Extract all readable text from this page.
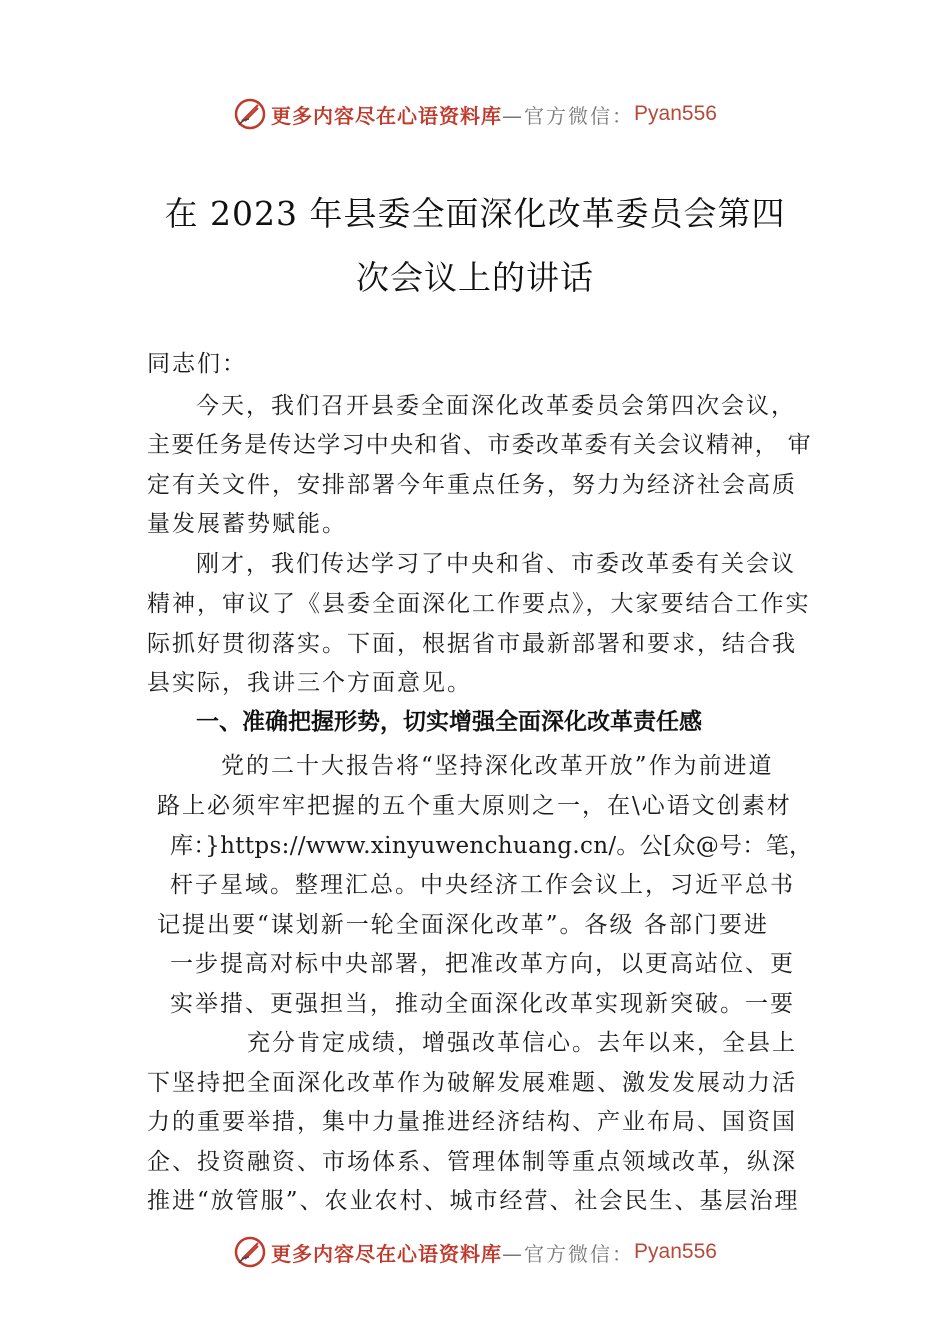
更多内容尽在心语资料库 —官方微信： Pyan556
在 2023 年县委全面深化改革委员会第四
次会议上的讲话
同志们：
今天，我们召开县委全面深化改革委员会第四次会议，
主要任务是传达学习中央和省、市委改革委有关会议精神， 审
定有关文件，安排部署今年重点任务，努力为经济社会高质
量发展蓄势赋能。
刚才，我们传达学习了中央和省、市委改革委有关会议
精神，审议了《县委全面深化工作要点》，大家要结合工作实
际抓好贯彻落实。下面，根据省市最新部署和要求，结合我
县实际，我讲三个方面意见。
一、准确把握形势，切实增强全面深化改革责任感
党的二十大报告将“坚持深化改革开放”作为前进道
路上必须牢牢把握的五个重大原则之一，在\心语文创素材
库：}https://www.xinyuwenchuang.cn/。公[众@号：笔，
杆子星域。整理汇总。中央经济工作会议上，习近平总书
记提出要“谋划新一轮全面深化改革”。各级 各部门要进
一步提高对标中央部署，把准改革方向，以更高站位、更
实举措、更强担当，推动全面深化改革实现新突破。一要
充分肯定成绩，增强改革信心。去年以来，全县上
下坚持把全面深化改革作为破解发展难题、激发发展动力活
力的重要举措，集中力量推进经济结构、产业布局、国资国
企、投资融资、市场体系、管理体制等重点领域改革，纵深
推进“放管服”、农业农村、城市经营、社会民生、基层治理
更多内容尽在心语资料库 —官方微信： Pyan556
